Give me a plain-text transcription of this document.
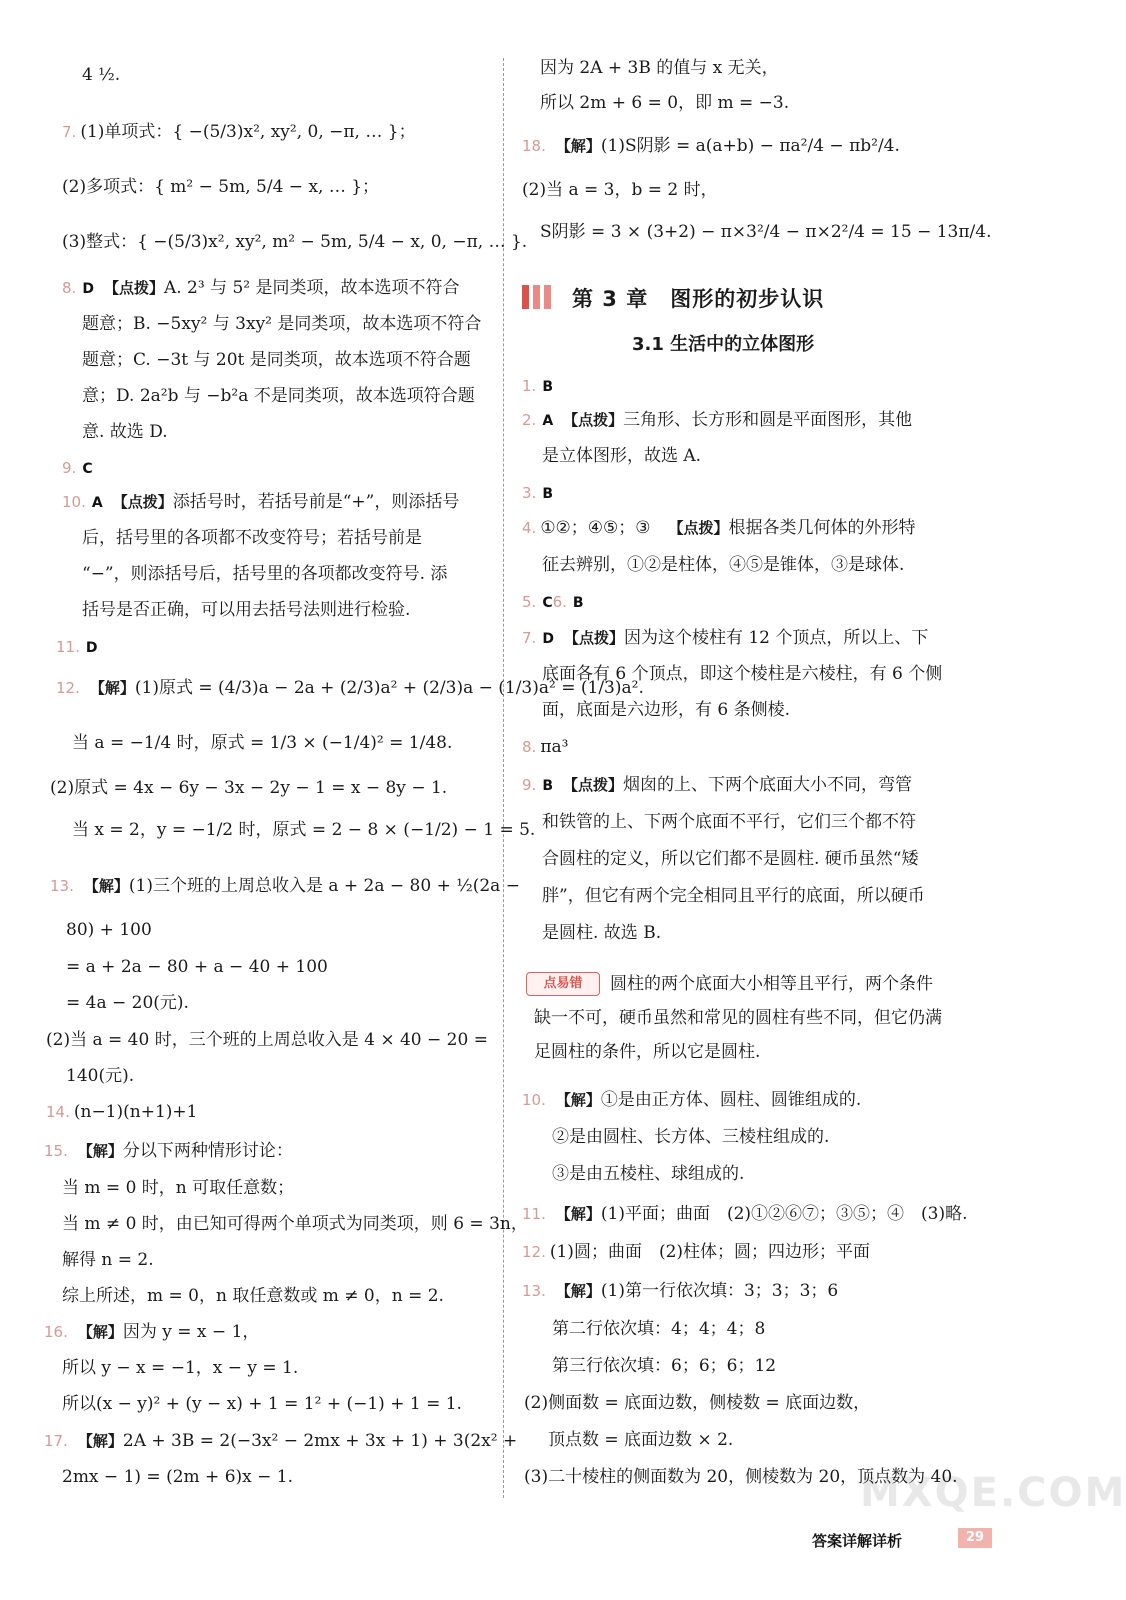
第 3 章　图形的初步认识
3.1 生活中的立体图形
点易错
MXQE.COM
答案详解详析	29
4 ½.
7. (1)单项式：{ −(5/3)x², xy², 0, −π, … }；
(2)多项式：{ m² − 5m, 5/4 − x, … }；
(3)整式：{ −(5/3)x², xy², m² − 5m, 5/4 − x, 0, −π, … }.
8. D 【点拨】A. 2³ 与 5² 是同类项，故本选项不符合
题意；B. −5xy² 与 3xy² 是同类项，故本选项不符合
题意；C. −3t 与 20t 是同类项，故本选项不符合题
意；D. 2a²b 与 −b²a 不是同类项，故本选项符合题
意. 故选 D.
9. C
10. A 【点拨】添括号时，若括号前是“+”，则添括号
后，括号里的各项都不改变符号；若括号前是
“−”，则添括号后，括号里的各项都改变符号. 添
括号是否正确，可以用去括号法则进行检验.
11. D
12. 【解】(1)原式 = (4/3)a − 2a + (2/3)a² + (2/3)a − (1/3)a² = (1/3)a².
当 a = −1/4 时，原式 = 1/3 × (−1/4)² = 1/48.
(2)原式 = 4x − 6y − 3x − 2y − 1 = x − 8y − 1.
当 x = 2，y = −1/2 时，原式 = 2 − 8 × (−1/2) − 1 = 5.
13. 【解】(1)三个班的上周总收入是 a + 2a − 80 + ½(2a −
80) + 100
= a + 2a − 80 + a − 40 + 100
= 4a − 20(元).
(2)当 a = 40 时，三个班的上周总收入是 4 × 40 − 20 =
140(元).
14. (n−1)(n+1)+1
15. 【解】分以下两种情形讨论：
当 m = 0 时，n 可取任意数；
当 m ≠ 0 时，由已知可得两个单项式为同类项，则 6 = 3n，
解得 n = 2.
综上所述，m = 0，n 取任意数或 m ≠ 0，n = 2.
16. 【解】因为 y = x − 1，
所以 y − x = −1，x − y = 1.
所以(x − y)² + (y − x) + 1 = 1² + (−1) + 1 = 1.
17. 【解】2A + 3B = 2(−3x² − 2mx + 3x + 1) + 3(2x² +
2mx − 1) = (2m + 6)x − 1.
因为 2A + 3B 的值与 x 无关，
所以 2m + 6 = 0，即 m = −3.
18. 【解】(1)S阴影 = a(a+b) − πa²/4 − πb²/4.
(2)当 a = 3，b = 2 时，
S阴影 = 3 × (3+2) − π×3²/4 − π×2²/4 = 15 − 13π/4.
1. B
2. A 【点拨】三角形、长方形和圆是平面图形，其他
是立体图形，故选 A.
3. B
4. ①②；④⑤；③ 【点拨】根据各类几何体的外形特
征去辨别，①②是柱体，④⑤是锥体，③是球体.
5. C6. B
7. D 【点拨】因为这个棱柱有 12 个顶点，所以上、下
底面各有 6 个顶点，即这个棱柱是六棱柱，有 6 个侧
面，底面是六边形，有 6 条侧棱.
8. πa³
9. B 【点拨】烟囱的上、下两个底面大小不同，弯管
和铁管的上、下两个底面不平行，它们三个都不符
合圆柱的定义，所以它们都不是圆柱. 硬币虽然“矮
胖”，但它有两个完全相同且平行的底面，所以硬币
是圆柱. 故选 B.
圆柱的两个底面大小相等且平行，两个条件
缺一不可，硬币虽然和常见的圆柱有些不同，但它仍满
足圆柱的条件，所以它是圆柱.
10. 【解】①是由正方体、圆柱、圆锥组成的.
②是由圆柱、长方体、三棱柱组成的.
③是由五棱柱、球组成的.
11. 【解】(1)平面；曲面　(2)①②⑥⑦；③⑤；④　(3)略.
12. (1)圆；曲面　(2)柱体；圆；四边形；平面
13. 【解】(1)第一行依次填：3；3；3；6
第二行依次填：4；4；4；8
第三行依次填：6；6；6；12
(2)侧面数 = 底面边数，侧棱数 = 底面边数，
顶点数 = 底面边数 × 2.
(3)二十棱柱的侧面数为 20，侧棱数为 20，顶点数为 40.
